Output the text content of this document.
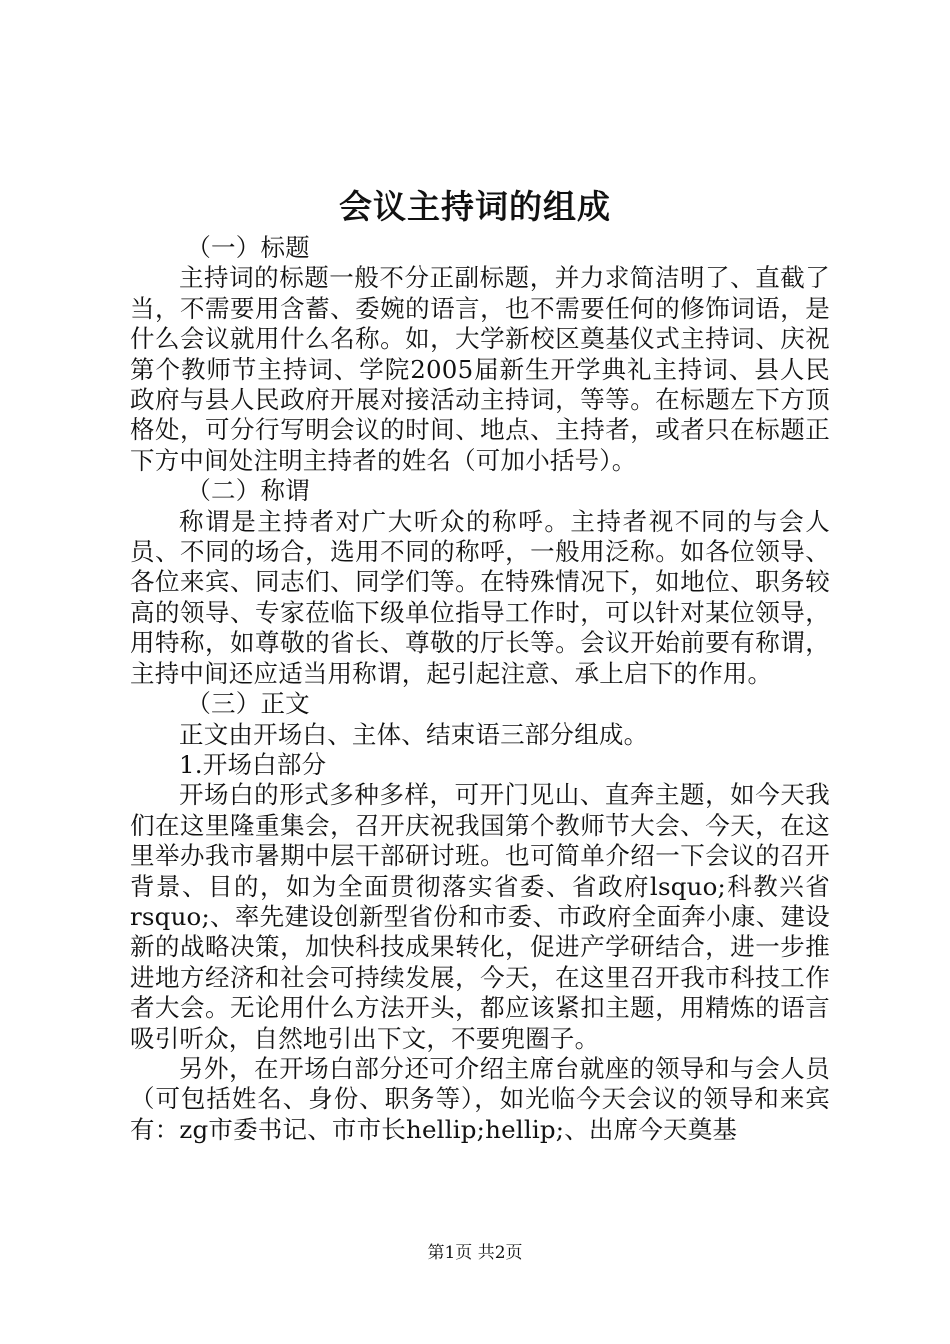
会议主持词的组成

（一）标题

主持词的标题一般不分正副标题，并力求简洁明了、直截了当，不需要用含蓄、委婉的语言，也不需要任何的修饰词语，是什么会议就用什么名称。如，大学新校区奠基仪式主持词、庆祝第个教师节主持词、学院2005届新生开学典礼主持词、县人民政府与县人民政府开展对接活动主持词，等等。在标题左下方顶格处，可分行写明会议的时间、地点、主持者，或者只在标题正下方中间处注明主持者的姓名（可加小括号）。

（二）称谓

称谓是主持者对广大听众的称呼。主持者视不同的与会人员、不同的场合，选用不同的称呼，一般用泛称。如各位领导、各位来宾、同志们、同学们等。在特殊情况下，如地位、职务较高的领导、专家莅临下级单位指导工作时，可以针对某位领导，用特称，如尊敬的省长、尊敬的厅长等。会议开始前要有称谓，主持中间还应适当用称谓，起引起注意、承上启下的作用。

（三）正文

正文由开场白、主体、结束语三部分组成。

1.开场白部分

开场白的形式多种多样，可开门见山、直奔主题，如今天我们在这里隆重集会，召开庆祝我国第个教师节大会、今天，在这里举办我市暑期中层干部研讨班。也可简单介绍一下会议的召开背景、目的，如为全面贯彻落实省委、省政府lsquo;科教兴省rsquo;、率先建设创新型省份和市委、市政府全面奔小康、建设新的战略决策，加快科技成果转化，促进产学研结合，进一步推进地方经济和社会可持续发展，今天，在这里召开我市科技工作者大会。无论用什么方法开头，都应该紧扣主题，用精炼的语言吸引听众，自然地引出下文，不要兜圈子。

另外，在开场白部分还可介绍主席台就座的领导和与会人员（可包括姓名、身份、职务等），如光临今天会议的领导和来宾有：zg市委书记、市市长hellip;hellip;、出席今天奠基

第1页 共2页
